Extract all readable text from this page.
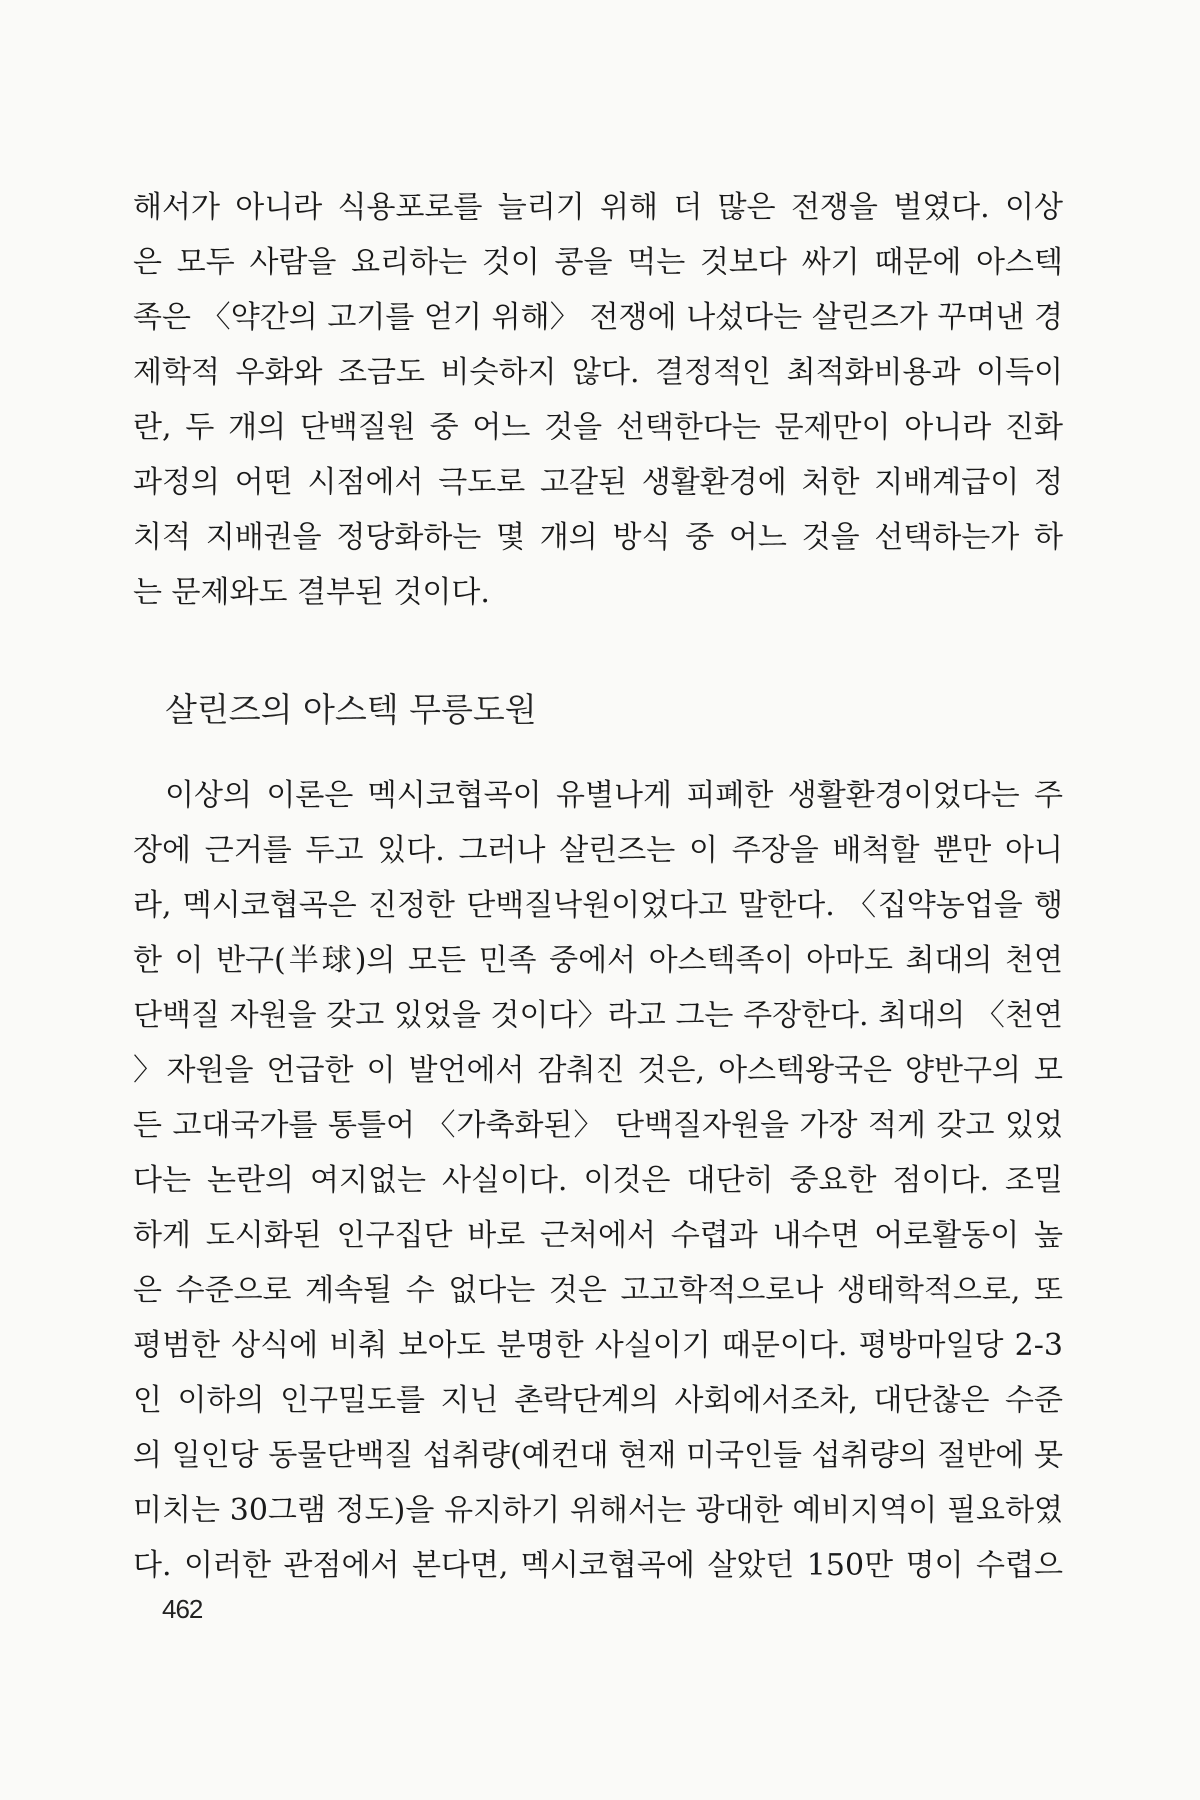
해서가 아니라 식용포로를 늘리기 위해 더 많은 전쟁을 벌였다. 이상
은 모두 사람을 요리하는 것이 콩을 먹는 것보다 싸기 때문에 아스텍
족은 〈약간의 고기를 얻기 위해〉 전쟁에 나섰다는 살린즈가 꾸며낸 경
제학적 우화와 조금도 비슷하지 않다. 결정적인 최적화비용과 이득이
란, 두 개의 단백질원 중 어느 것을 선택한다는 문제만이 아니라 진화
과정의 어떤 시점에서 극도로 고갈된 생활환경에 처한 지배계급이 정
치적 지배권을 정당화하는 몇 개의 방식 중 어느 것을 선택하는가 하
는 문제와도 결부된 것이다.
살린즈의 아스텍 무릉도원
이상의 이론은 멕시코협곡이 유별나게 피폐한 생활환경이었다는 주
장에 근거를 두고 있다. 그러나 살린즈는 이 주장을 배척할 뿐만 아니
라, 멕시코협곡은 진정한 단백질낙원이었다고 말한다. 〈집약농업을 행
한 이 반구(半球)의 모든 민족 중에서 아스텍족이 아마도 최대의 천연
단백질 자원을 갖고 있었을 것이다〉라고 그는 주장한다. 최대의 〈천연
〉자원을 언급한 이 발언에서 감춰진 것은, 아스텍왕국은 양반구의 모
든 고대국가를 통틀어 〈가축화된〉 단백질자원을 가장 적게 갖고 있었
다는 논란의 여지없는 사실이다. 이것은 대단히 중요한 점이다. 조밀
하게 도시화된 인구집단 바로 근처에서 수렵과 내수면 어로활동이 높
은 수준으로 계속될 수 없다는 것은 고고학적으로나 생태학적으로, 또
평범한 상식에 비춰 보아도 분명한 사실이기 때문이다. 평방마일당 2-3
인 이하의 인구밀도를 지닌 촌락단계의 사회에서조차, 대단찮은 수준
의 일인당 동물단백질 섭취량(예컨대 현재 미국인들 섭취량의 절반에 못
미치는 30그램 정도)을 유지하기 위해서는 광대한 예비지역이 필요하였
다. 이러한 관점에서 본다면, 멕시코협곡에 살았던 150만 명이 수렵으
462
